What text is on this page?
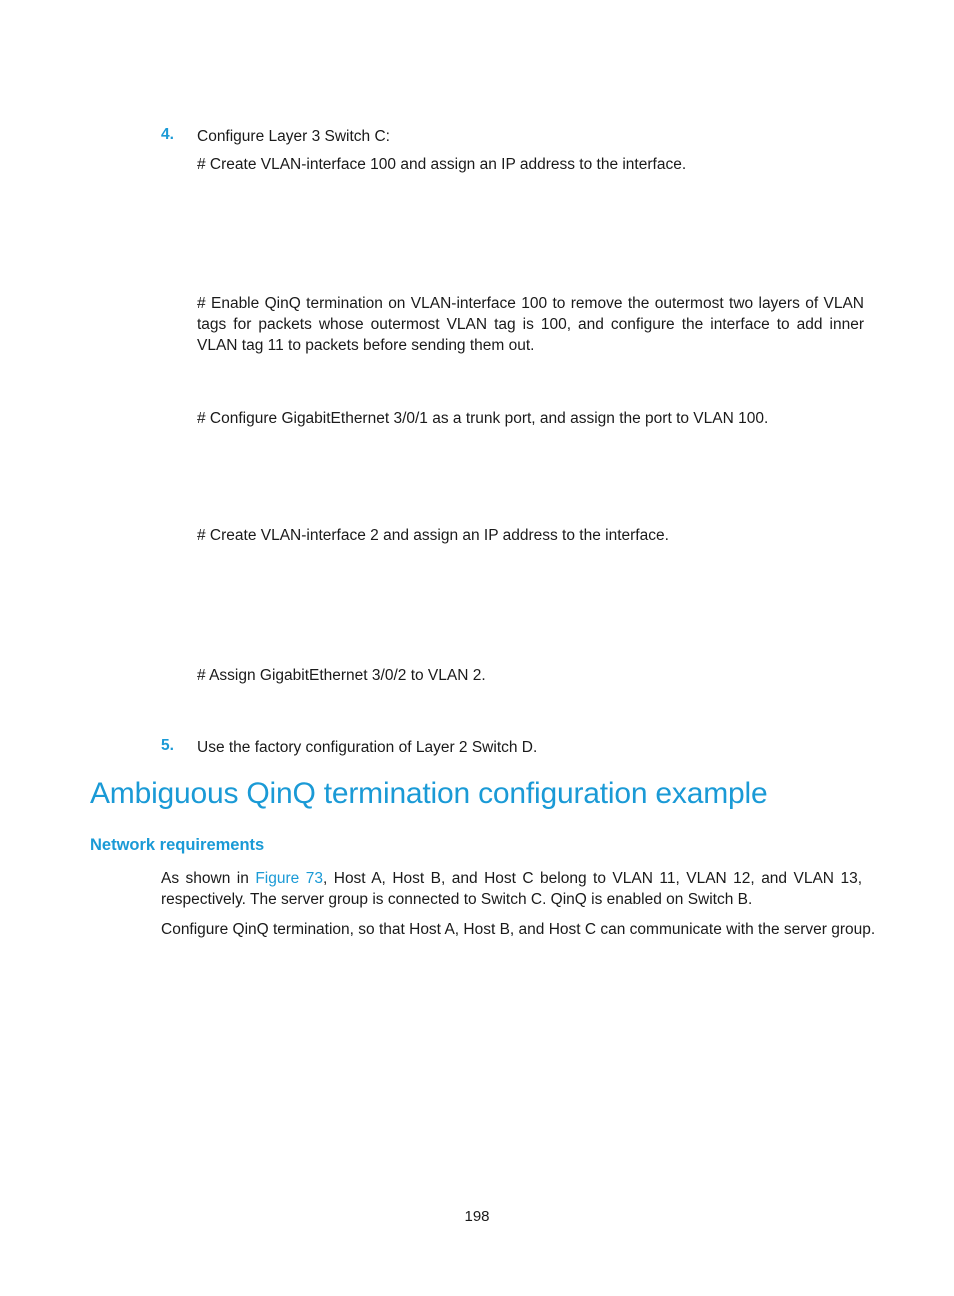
4. Configure Layer 3 Switch C:
# Create VLAN-interface 100 and assign an IP address to the interface.
# Enable QinQ termination on VLAN-interface 100 to remove the outermost two layers of VLAN tags for packets whose outermost VLAN tag is 100, and configure the interface to add inner VLAN tag 11 to packets before sending them out.
# Configure GigabitEthernet 3/0/1 as a trunk port, and assign the port to VLAN 100.
# Create VLAN-interface 2 and assign an IP address to the interface.
# Assign GigabitEthernet 3/0/2 to VLAN 2.
5. Use the factory configuration of Layer 2 Switch D.
Ambiguous QinQ termination configuration example
Network requirements
As shown in Figure 73, Host A, Host B, and Host C belong to VLAN 11, VLAN 12, and VLAN 13, respectively. The server group is connected to Switch C. QinQ is enabled on Switch B.
Configure QinQ termination, so that Host A, Host B, and Host C can communicate with the server group.
198
